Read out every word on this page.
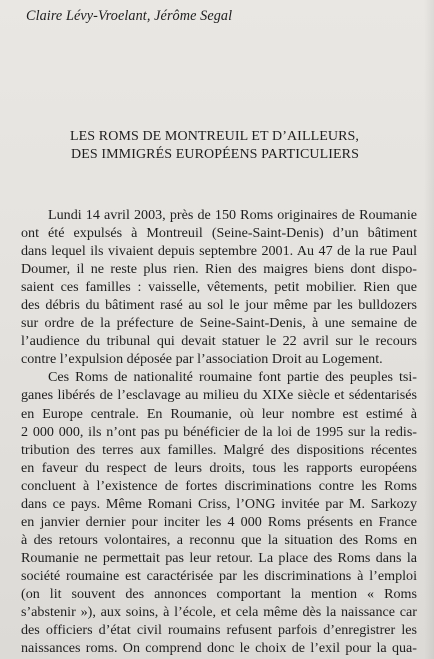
Claire Lévy-Vroelant, Jérôme Segal
LES ROMS DE MONTREUIL ET D’AILLEURS,
DES IMMIGRÉS EUROPÉENS PARTICULIERS
Lundi 14 avril 2003, près de 150 Roms originaires de Roumanie
ont été expulsés à Montreuil (Seine-Saint-Denis) d’un bâtiment
dans lequel ils vivaient depuis septembre 2001. Au 47 de la rue Paul
Doumer, il ne reste plus rien. Rien des maigres biens dont dispo-
saient ces familles : vaisselle, vêtements, petit mobilier. Rien que
des débris du bâtiment rasé au sol le jour même par les bulldozers
sur ordre de la préfecture de Seine-Saint-Denis, à une semaine de
l’audience du tribunal qui devait statuer le 22 avril sur le recours
contre l’expulsion déposée par l’association Droit au Logement.
Ces Roms de nationalité roumaine font partie des peuples tsi-
ganes libérés de l’esclavage au milieu du XIXe siècle et sédentarisés
en Europe centrale. En Roumanie, où leur nombre est estimé à
2 000 000, ils n’ont pas pu bénéficier de la loi de 1995 sur la redis-
tribution des terres aux familles. Malgré des dispositions récentes
en faveur du respect de leurs droits, tous les rapports européens
concluent à l’existence de fortes discriminations contre les Roms
dans ce pays. Même Romani Criss, l’ONG invitée par M. Sarkozy
en janvier dernier pour inciter les 4 000 Roms présents en France
à des retours volontaires, a reconnu que la situation des Roms en
Roumanie ne permettait pas leur retour. La place des Roms dans la
société roumaine est caractérisée par les discriminations à l’emploi
(on lit souvent des annonces comportant la mention « Roms
s’abstenir »), aux soins, à l’école, et cela même dès la naissance car
des officiers d’état civil roumains refusent parfois d’enregistrer les
naissances roms. On comprend donc le choix de l’exil pour la qua-
